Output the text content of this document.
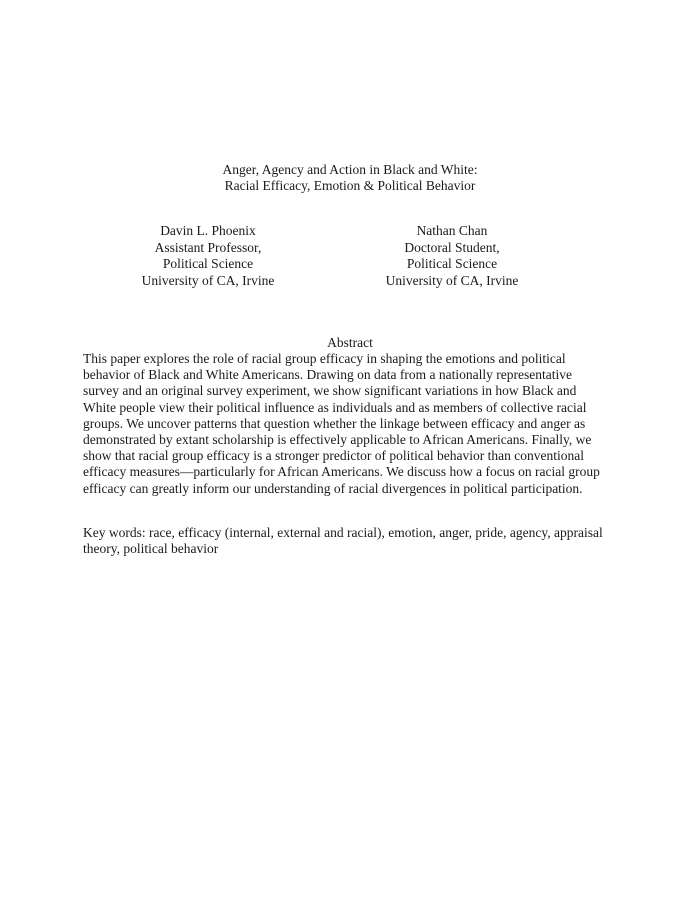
Anger, Agency and Action in Black and White:
Racial Efficacy, Emotion & Political Behavior
Davin L. Phoenix
Assistant Professor,
Political Science
University of CA, Irvine
Nathan Chan
Doctoral Student,
Political Science
University of CA, Irvine
Abstract
This paper explores the role of racial group efficacy in shaping the emotions and political
behavior of Black and White Americans. Drawing on data from a nationally representative
survey and an original survey experiment, we show significant variations in how Black and
White people view their political influence as individuals and as members of collective racial
groups. We uncover patterns that question whether the linkage between efficacy and anger as
demonstrated by extant scholarship is effectively applicable to African Americans. Finally, we
show that racial group efficacy is a stronger predictor of political behavior than conventional
efficacy measures—particularly for African Americans. We discuss how a focus on racial group
efficacy can greatly inform our understanding of racial divergences in political participation.
Key words: race, efficacy (internal, external and racial), emotion, anger, pride, agency, appraisal
theory, political behavior
